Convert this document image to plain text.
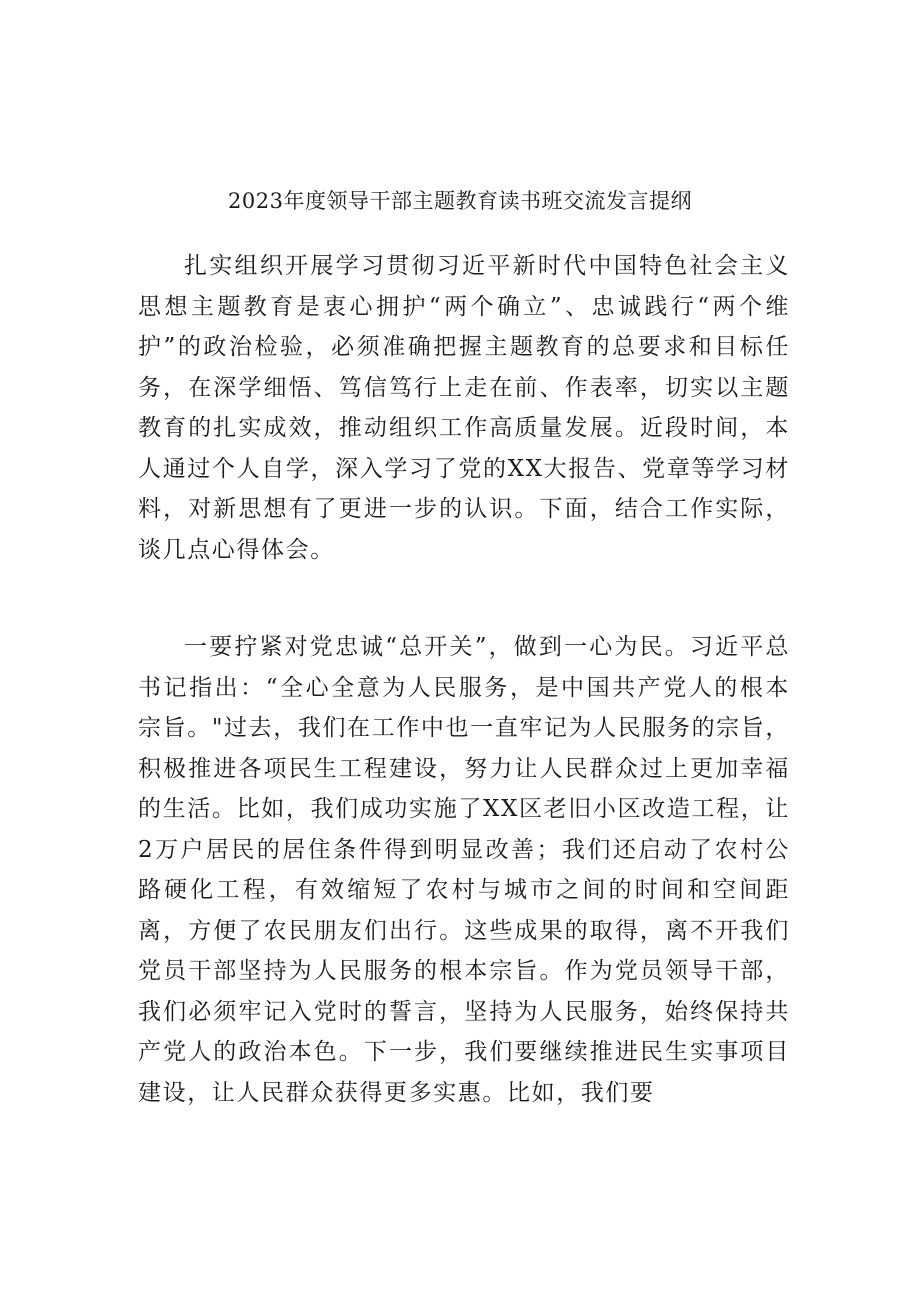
2023年度领导干部主题教育读书班交流发言提纲

扎实组织开展学习贯彻习近平新时代中国特色社会主义思想主题教育是衷心拥护“两个确立”、忠诚践行“两个维护”的政治检验，必须准确把握主题教育的总要求和目标任务，在深学细悟、笃信笃行上走在前、作表率，切实以主题教育的扎实成效，推动组织工作高质量发展。近段时间，本人通过个人自学，深入学习了党的XX大报告、党章等学习材料，对新思想有了更进一步的认识。下面，结合工作实际，谈几点心得体会。

一要拧紧对党忠诚“总开关”，做到一心为民。习近平总书记指出：“全心全意为人民服务，是中国共产党人的根本宗旨。"过去，我们在工作中也一直牢记为人民服务的宗旨，积极推进各项民生工程建设，努力让人民群众过上更加幸福的生活。比如，我们成功实施了XX区老旧小区改造工程，让2万户居民的居住条件得到明显改善；我们还启动了农村公路硬化工程，有效缩短了农村与城市之间的时间和空间距离，方便了农民朋友们出行。这些成果的取得，离不开我们党员干部坚持为人民服务的根本宗旨。作为党员领导干部，我们必须牢记入党时的誓言，坚持为人民服务，始终保持共产党人的政治本色。下一步，我们要继续推进民生实事项目建设，让人民群众获得更多实惠。比如，我们要
